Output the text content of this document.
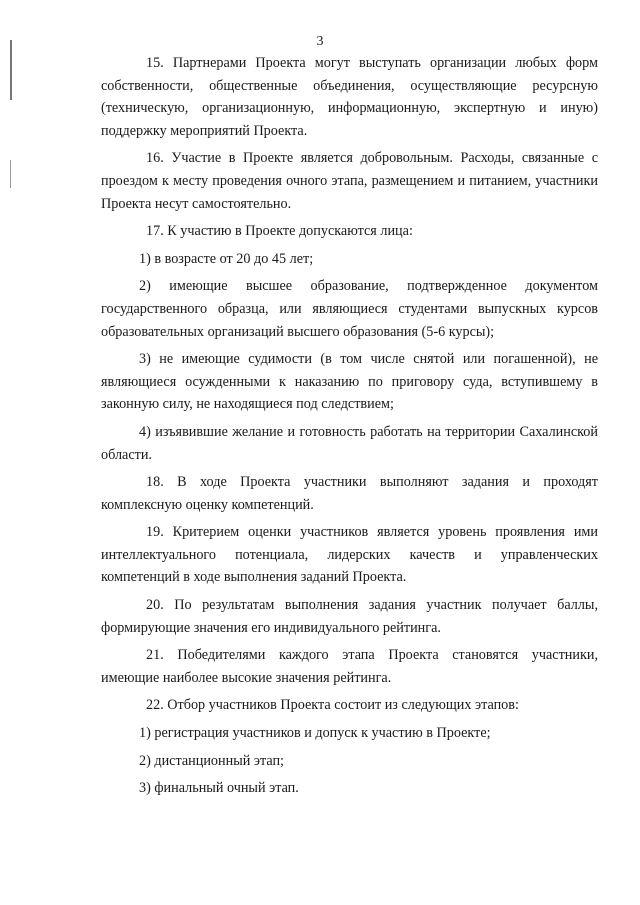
3

15. Партнерами Проекта могут выступать организации любых форм собственности, общественные объединения, осуществляющие ресурсную (техническую, организационную, информационную, экспертную и иную) поддержку мероприятий Проекта.

16. Участие в Проекте является добровольным. Расходы, связанные с проездом к месту проведения очного этапа, размещением и питанием, участники Проекта несут самостоятельно.

17. К участию в Проекте допускаются лица:

1) в возрасте от 20 до 45 лет;

2) имеющие высшее образование, подтвержденное документом государственного образца, или являющиеся студентами выпускных курсов образовательных организаций высшего образования (5-6 курсы);

3) не имеющие судимости (в том числе снятой или погашенной), не являющиеся осужденными к наказанию по приговору суда, вступившему в законную силу, не находящиеся под следствием;

4) изъявившие желание и готовность работать на территории Сахалинской области.

18. В ходе Проекта участники выполняют задания и проходят комплексную оценку компетенций.

19. Критерием оценки участников является уровень проявления ими интеллектуального потенциала, лидерских качеств и управленческих компетенций в ходе выполнения заданий Проекта.

20. По результатам выполнения задания участник получает баллы, формирующие значения его индивидуального рейтинга.

21. Победителями каждого этапа Проекта становятся участники, имеющие наиболее высокие значения рейтинга.

22. Отбор участников Проекта состоит из следующих этапов:

1) регистрация участников и допуск к участию в Проекте;

2) дистанционный этап;

3) финальный очный этап.
